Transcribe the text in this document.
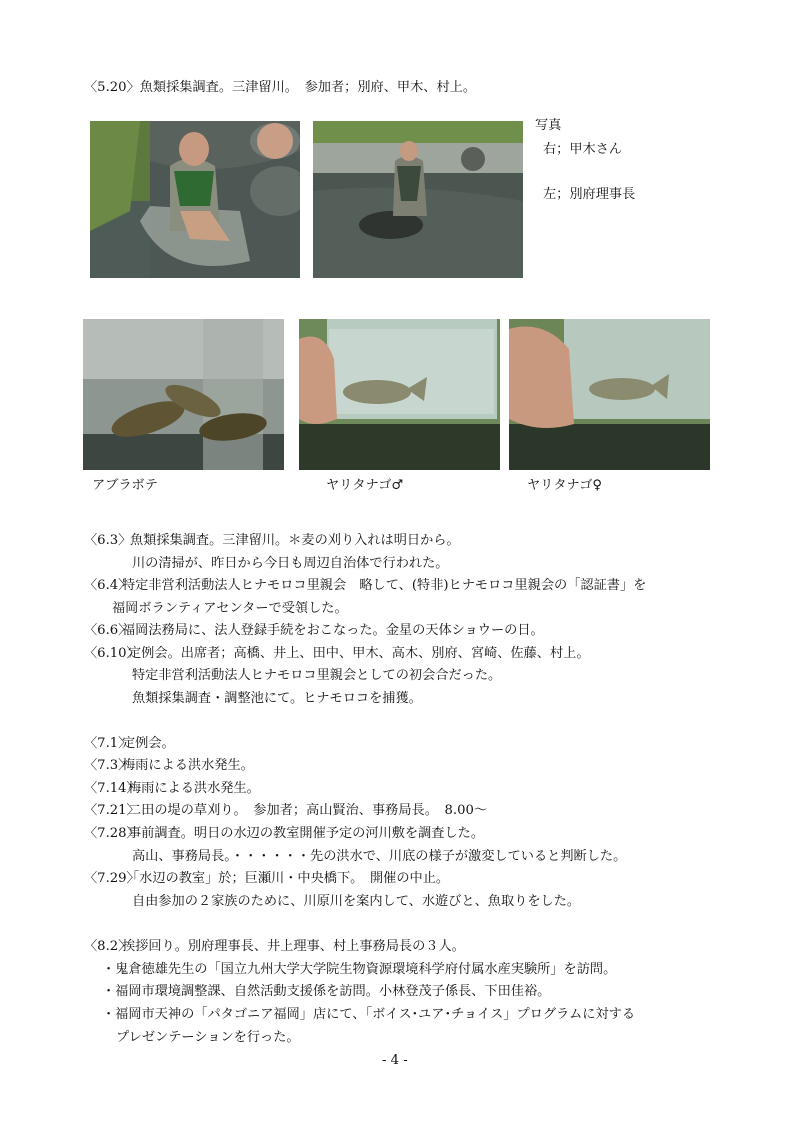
〈5.20〉魚類採集調査。三津留川。　参加者；別府、甲木、村上。
写真
右；甲木さん
左；別府理事長
アブラボテ	ヤリタナゴ♂	ヤリタナゴ♀
〈6.3〉
魚類採集調査。三津留川。＊麦の刈り入れは明日から。
川の清掃が、昨日から今日も周辺自治体で行われた。
〈6.4〉
特定非営利活動法人ヒナモロコ里親会　略して、(特非)ヒナモロコ里親会の「認証書」を
福岡ボランティアセンターで受領した。
〈6.6〉
福岡法務局に、法人登録手続をおこなった。金星の天体ショウーの日。
〈6.10〉
定例会。出席者；高橋、井上、田中、甲木、高木、別府、宮崎、佐藤、村上。
特定非営利活動法人ヒナモロコ里親会としての初会合だった。
魚類採集調査・調整池にて。ヒナモロコを捕獲。
〈7.1〉
定例会。
〈7.3〉
梅雨による洪水発生。
〈7.14〉
梅雨による洪水発生。
〈7.21〉
二田の堤の草刈り。　参加者；高山賢治、事務局長。　8.00～
〈7.28〉
事前調査。明日の水辺の教室開催予定の河川敷を調査した。
高山、事務局長。・・・・・・先の洪水で、川底の様子が激変していると判断した。
〈7.29〉
「水辺の教室」於；巨瀬川・中央橋下。　開催の中止。
自由参加の２家族のために、川原川を案内して、水遊びと、魚取りをした。
〈8.2〉
挨拶回り。別府理事長、井上理事、村上事務局長の３人。
・鬼倉徳雄先生の「国立九州大学大学院生物資源環境科学府付属水産実験所」を訪問。
・福岡市環境調整課、自然活動支援係を訪問。小林登茂子係長、下田佳裕。
・福岡市天神の「パタゴニア福岡」店にて、「ボイス･ユア･チョイス」プログラムに対する
プレゼンテーションを行った。
- 4 -
